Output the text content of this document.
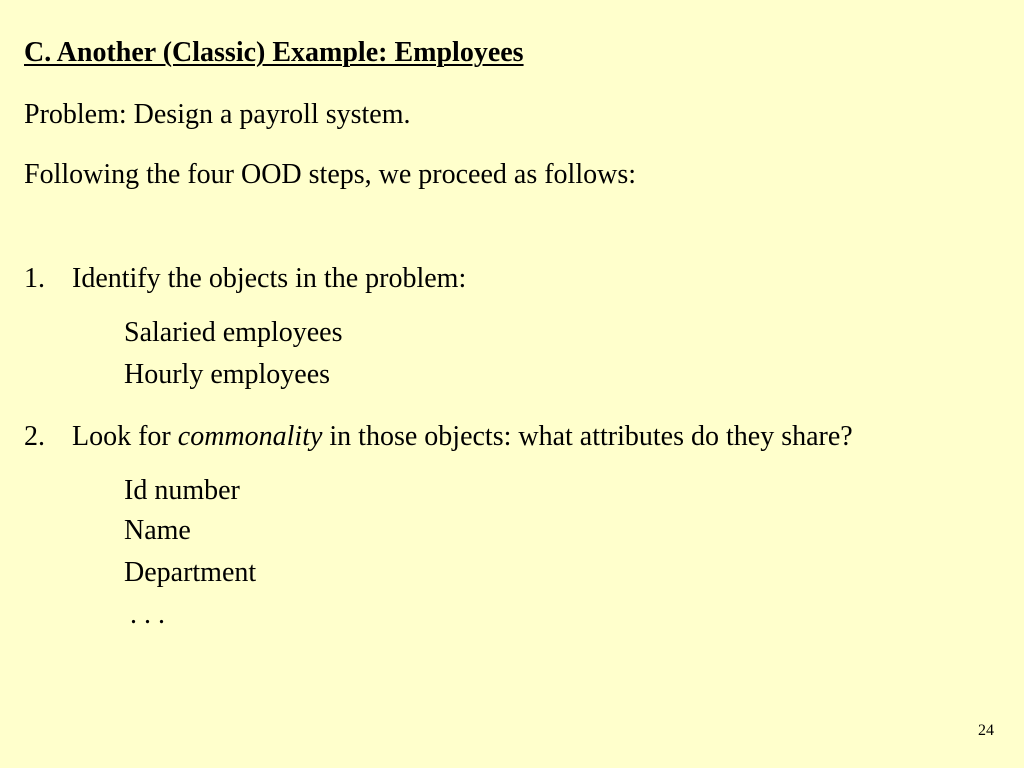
C. Another (Classic) Example: Employees
Problem: Design a payroll system.
Following the four OOD steps, we proceed as follows:
1. Identify the objects in the problem:
Salaried employees
Hourly employees
2. Look for commonality in those objects: what attributes do they share?
Id number
Name
Department
. . .
24
